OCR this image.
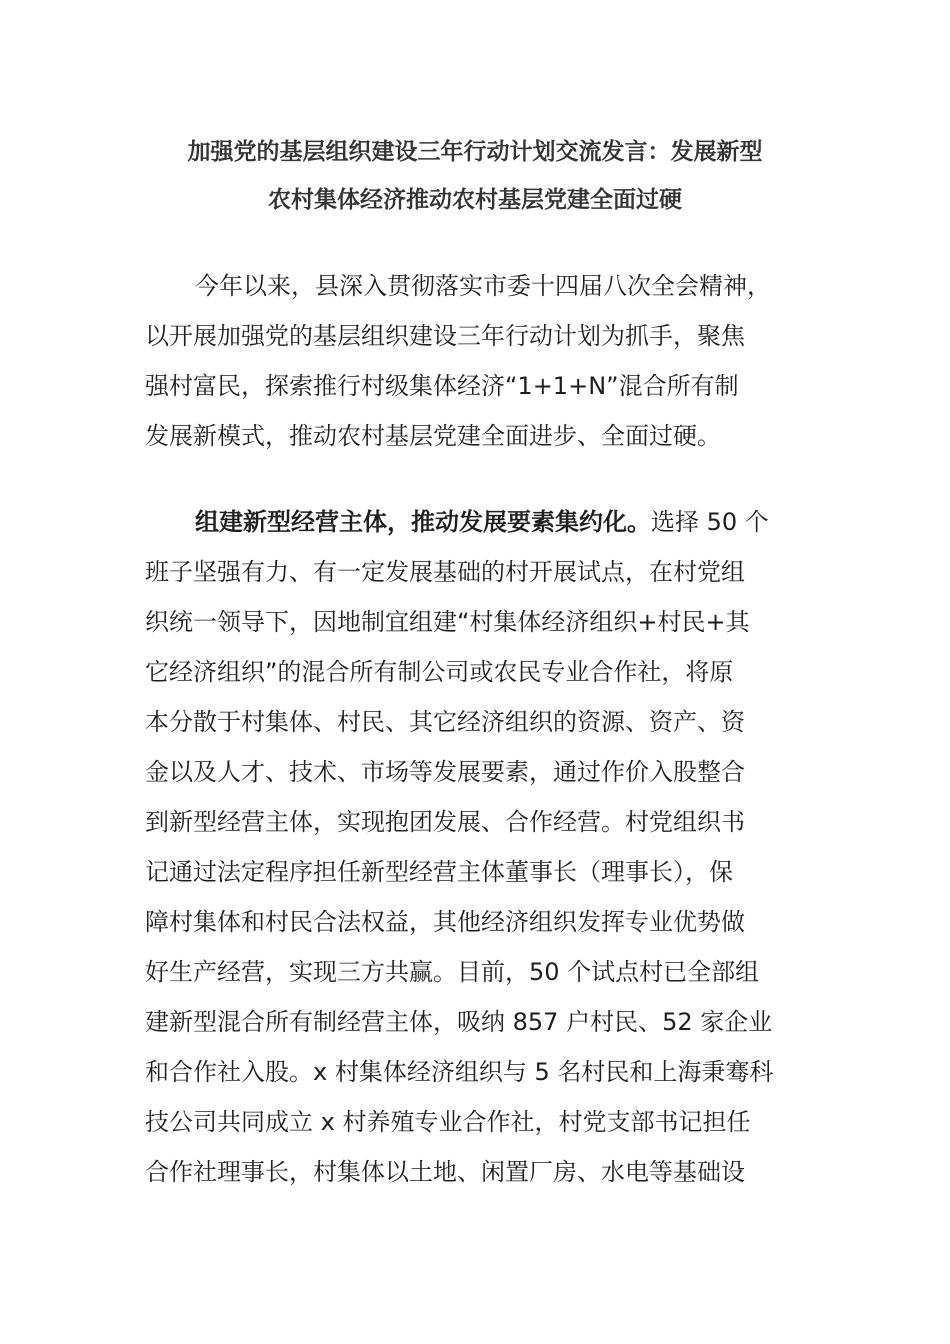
加强党的基层组织建设三年行动计划交流发言：发展新型
农村集体经济推动农村基层党建全面过硬
今年以来，县深入贯彻落实市委十四届八次全会精神，
以开展加强党的基层组织建设三年行动计划为抓手，聚焦
强村富民，探索推行村级集体经济“1+1+N”混合所有制
发展新模式，推动农村基层党建全面进步、全面过硬。
组建新型经营主体，推动发展要素集约化。选择 50 个
班子坚强有力、有一定发展基础的村开展试点，在村党组
织统一领导下，因地制宜组建“村集体经济组织+村民+其
它经济组织”的混合所有制公司或农民专业合作社，将原
本分散于村集体、村民、其它经济组织的资源、资产、资
金以及人才、技术、市场等发展要素，通过作价入股整合
到新型经营主体，实现抱团发展、合作经营。村党组织书
记通过法定程序担任新型经营主体董事长（理事长），保
障村集体和村民合法权益，其他经济组织发挥专业优势做
好生产经营，实现三方共赢。目前，50 个试点村已全部组
建新型混合所有制经营主体，吸纳 857 户村民、52 家企业
和合作社入股。x 村集体经济组织与 5 名村民和上海秉骞科
技公司共同成立 x 村养殖专业合作社，村党支部书记担任
合作社理事长，村集体以土地、闲置厂房、水电等基础设
